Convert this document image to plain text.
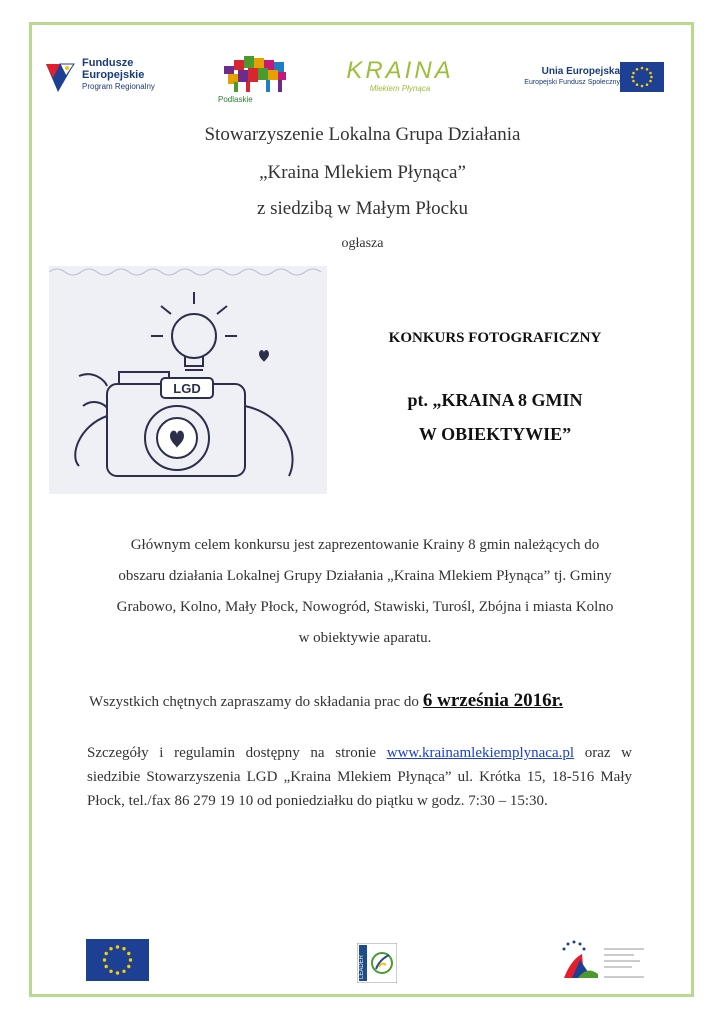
Fundusze
Europejskie
Program Regionalny
Podlaskie
KRAINA
Mlekiem Płynąca
Unia Europejska
Europejski Fundusz Społeczny
Stowarzyszenie Lokalna Grupa Działania
„Kraina Mlekiem Płynąca”
z siedzibą w Małym Płocku
ogłasza
LGD
KONKURS FOTOGRAFICZNY
pt. „KRAINA 8 GMIN
W OBIEKTYWIE”
Głównym celem konkursu jest zaprezentowanie Krainy 8 gmin należących do
obszaru działania Lokalnej Grupy Działania „Kraina Mlekiem Płynąca” tj. Gminy
Grabowo, Kolno, Mały Płock, Nowogród, Stawiski, Turośl, Zbójna i miasta Kolno
w obiektywie aparatu.
Wszystkich chętnych zapraszamy do składania prac do 6 września 2016r.
Szczegóły i regulamin dostępny na stronie www.krainamlekiemplynaca.pl oraz w siedzibie Stowarzyszenia LGD „Kraina Mlekiem Płynąca” ul. Krótka 15, 18-516 Mały Płock, tel./fax 86 279 19 10 od poniedziałku do piątku w godz. 7:30 – 15:30.
LEADER
